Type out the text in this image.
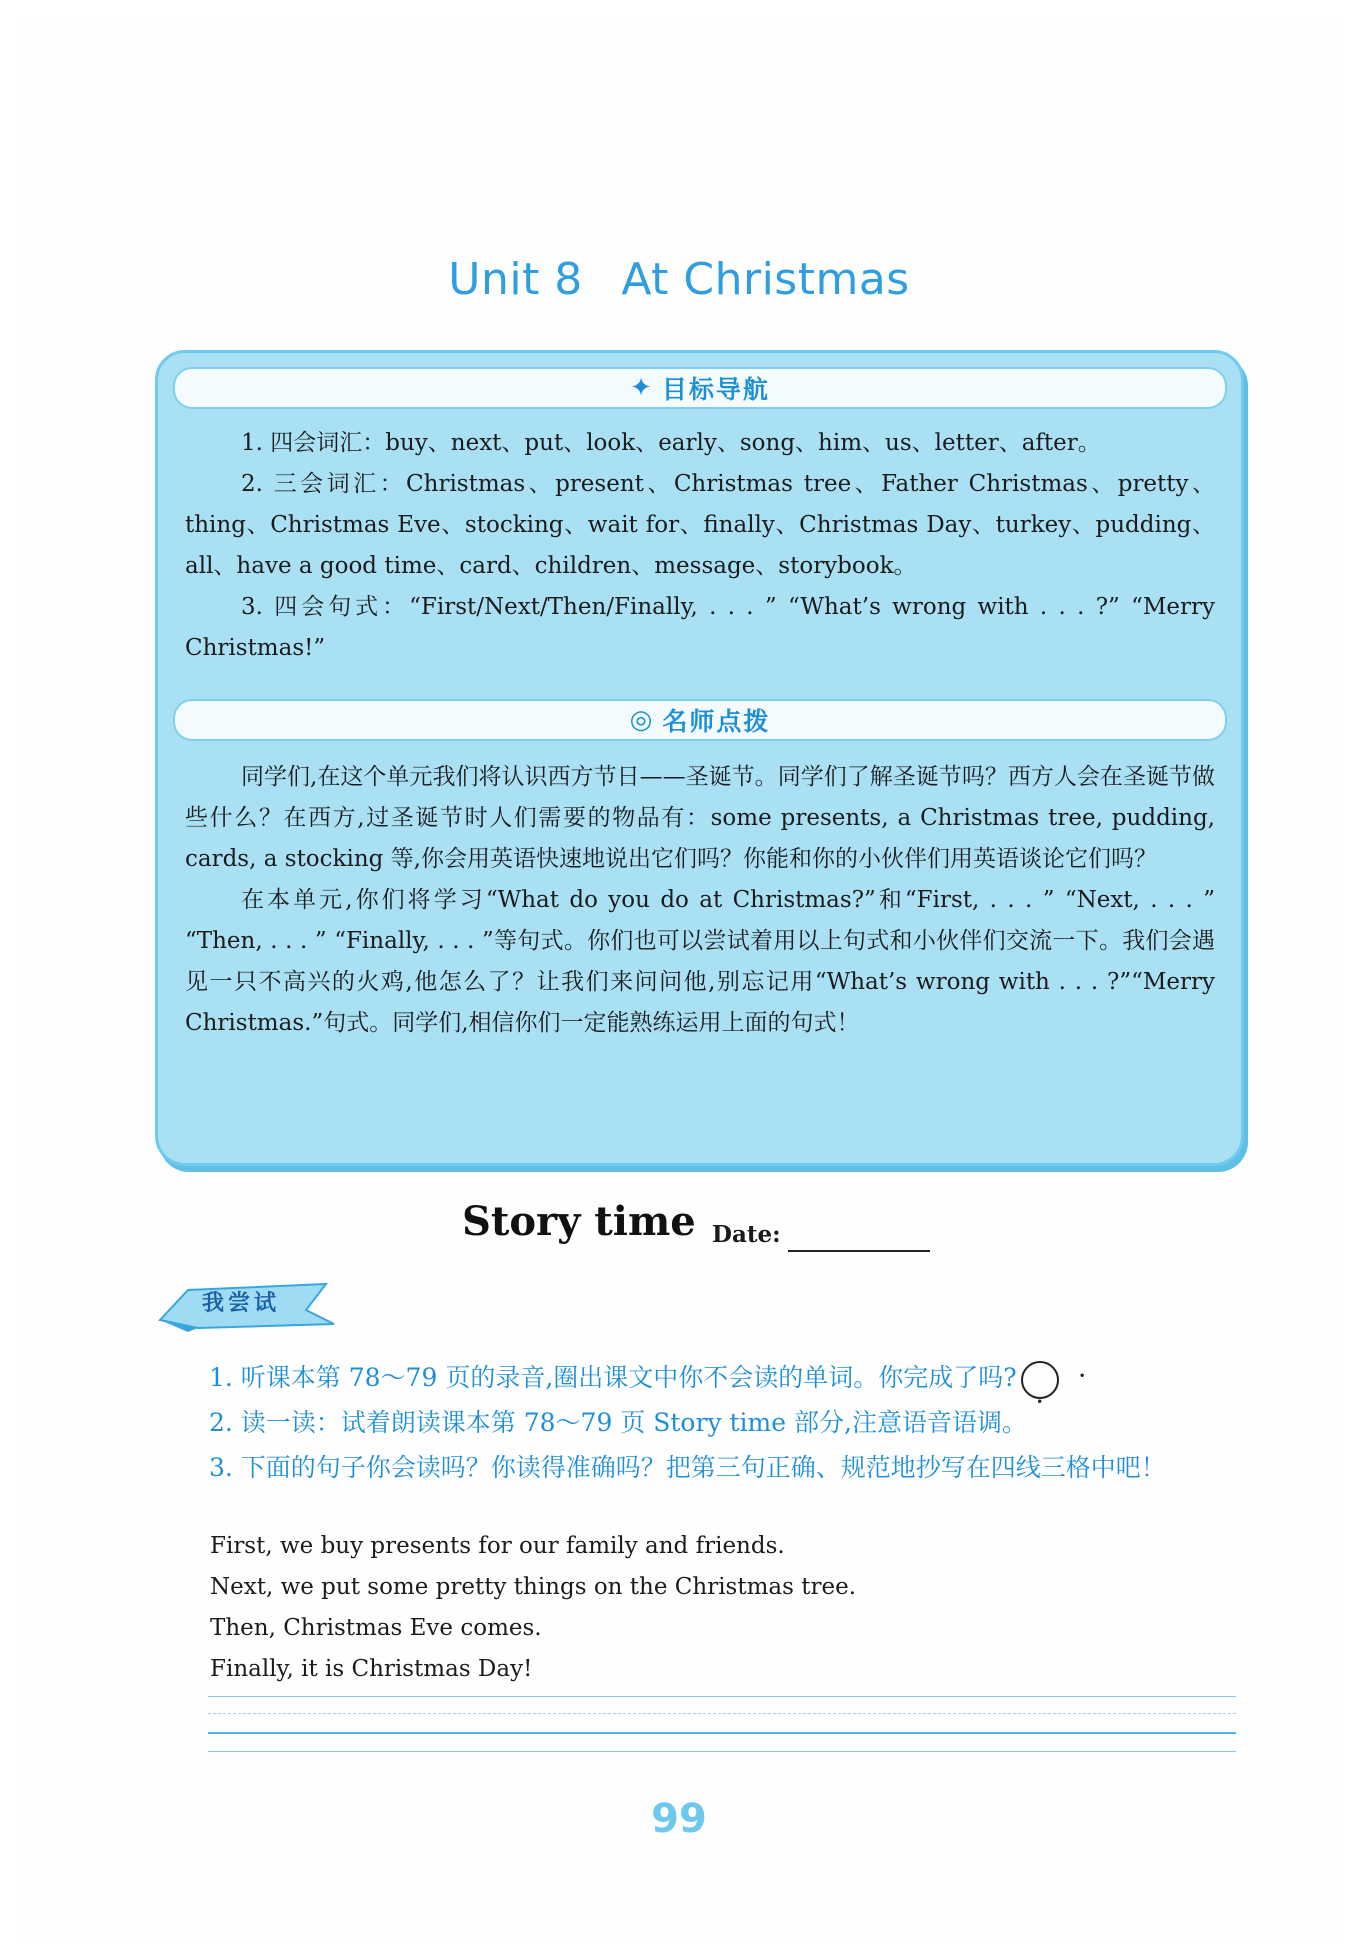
Unit 8 At Christmas
✦ 目标导航

1. 四会词汇：buy、next、put、look、early、song、him、us、letter、after。

2. 三会词汇：Christmas、present、Christmas tree、Father Christmas、pretty、thing、Christmas Eve、stocking、wait for、finally、Christmas Day、turkey、pudding、all、have a good time、card、children、message、storybook。

3. 四会句式：“First/Next/Then/Finally, . . . ” “What’s wrong with . . . ?” “Merry Christmas!”

◎ 名师点拨

同学们,在这个单元我们将认识西方节日——圣诞节。同学们了解圣诞节吗？西方人会在圣诞节做些什么？在西方,过圣诞节时人们需要的物品有：some presents, a Christmas tree, pudding, cards, a stocking 等,你会用英语快速地说出它们吗？你能和你的小伙伴们用英语谈论它们吗？

在本单元,你们将学习“What do you do at Christmas?”和“First, . . . ” “Next, . . . ” “Then, . . . ” “Finally, . . . ”等句式。你们也可以尝试着用以上句式和小伙伴们交流一下。我们会遇见一只不高兴的火鸡,他怎么了？让我们来问问他,别忘记用“What’s wrong with . . . ?”“Merry Christmas.”句式。同学们,相信你们一定能熟练运用上面的句式！

Story time Date:
我尝试

1. 听课本第 78～79 页的录音,圈出课文中你不会读的单词。你完成了吗?	• •

2. 读一读：试着朗读课本第 78～79 页 Story time 部分,注意语音语调。

3. 下面的句子你会读吗？你读得准确吗？把第三句正确、规范地抄写在四线三格中吧！

First, we buy presents for our family and friends.

Next, we put some pretty things on the Christmas tree.

Then, Christmas Eve comes.

Finally, it is Christmas Day!

99
